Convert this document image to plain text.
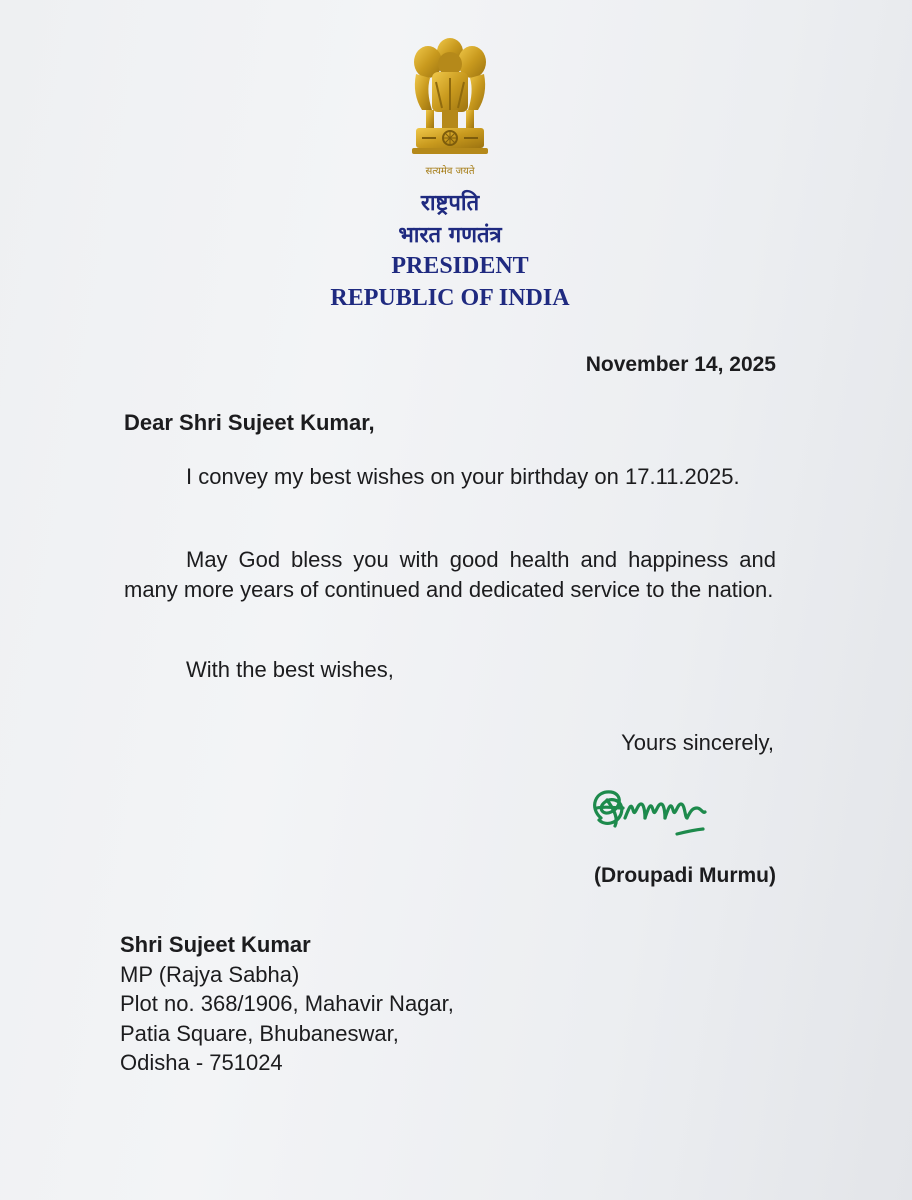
सत्यमेव जयते
राष्ट्रपति
भारत गणतंत्र
PRESIDENT
REPUBLIC OF INDIA
November 14, 2025
Dear Shri Sujeet Kumar,
I convey my best wishes on your birthday on 17.11.2025.
May God bless you with good health and happiness and many more years of continued and dedicated service to the nation.
With the best wishes,
Yours sincerely,
(Droupadi Murmu)
Shri Sujeet Kumar
MP (Rajya Sabha)
Plot no. 368/1906, Mahavir Nagar,
Patia Square, Bhubaneswar,
Odisha - 751024
